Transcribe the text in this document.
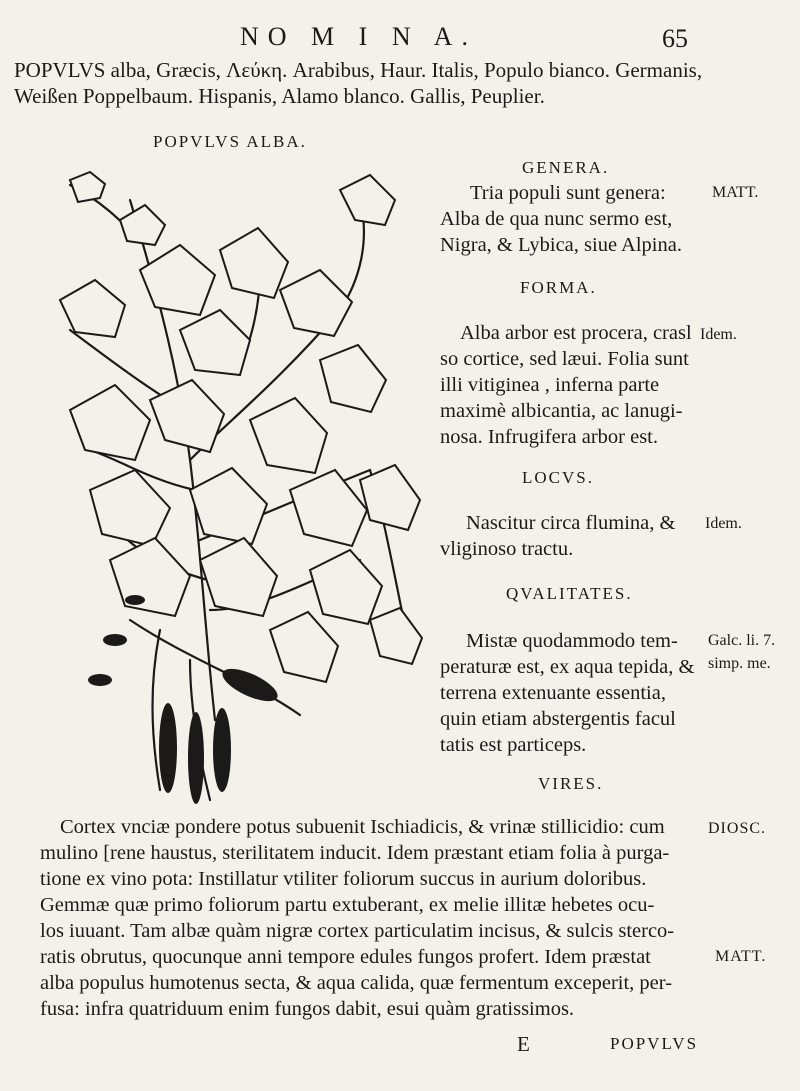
NO M I N A.	65
POPVLVS alba, Græcis, Λεύκη. Arabibus, Haur. Italis, Populo bianco. Germanis,
Weißen Poppelbaum. Hispanis, Alamo blanco. Gallis, Peuplier.
POPVLVS ALBA.
GENERA.
Tria populi sunt genera:
Alba de qua nunc sermo est,
Nigra, & Lybica, siue Alpina.
MATT.
FORMA.
Alba arbor est procera, crasl
so cortice, sed læui. Folia sunt
illi vitiginea , inferna parte
maximè albicantia, ac lanugi-
nosa. Infrugifera arbor est.
Idem.
LOCVS.
Nascitur circa flumina, &
vliginoso tractu.
Idem.
QVALITATES.
Mistæ quodammodo tem-
peraturæ est, ex aqua tepida, &
terrena extenuante essentia,
quin etiam abstergentis facul
tatis est particeps.
Galc. li. 7.
simp. me.
VIRES.
Cortex vnciæ pondere potus subuenit Ischiadicis, & vrinæ stillicidio: cum
mulino [rene haustus, sterilitatem inducit. Idem præstant etiam folia à purga-
tione ex vino pota: Instillatur vtiliter foliorum succus in aurium doloribus.
Gemmæ quæ primo foliorum partu extuberant, ex melie illitæ hebetes ocu-
los iuuant. Tam albæ quàm nigræ cortex particulatim incisus, & sulcis sterco-
ratis obrutus, quocunque anni tempore edules fungos profert. Idem præstat
alba populus humotenus secta, & aqua calida, quæ fermentum exceperit, per-
fusa: infra quatriduum enim fungos dabit, esui quàm gratissimos.
DIOSC.
MATT.
E	POPVLVS
